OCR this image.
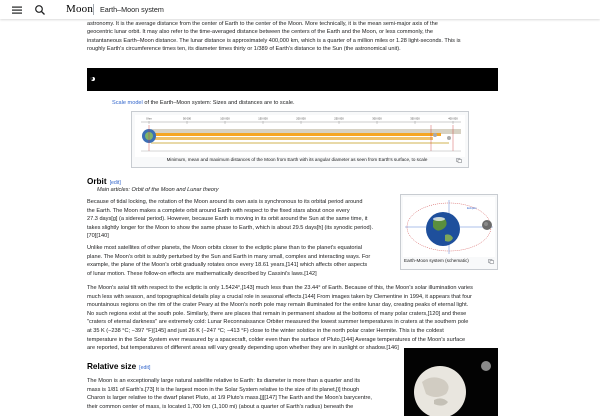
astronomy. It is the average distance from the center of Earth to the center of the Moon. More technically, it is the mean semi-major axis of the
geocentric lunar orbit. It may also refer to the time-averaged distance between the centers of the Earth and the Moon, or less commonly, the
instantaneous Earth–Moon distance. The lunar distance is approximately 400,000 km, which is a quarter of a million miles or 1.28 light-seconds. This is
roughly Earth's circumference times ten, its diameter times thirty or 1/389 of Earth's distance to the Sun (the astronomical unit).
Scale model of the Earth–Moon system: Sizes and distances are to scale.
0 km	50 000	100 000	150 000	200 000	250 000	300 000	350 000	400 000
Minimum, mean and maximum distances of the Moon from Earth with its angular diameter as seen from Earth's surface, to scale
Orbit [edit]
Main articles: Orbit of the Moon and Lunar theory
Because of tidal locking, the rotation of the Moon around its own axis is synchronous to its orbital period around
the Earth. The Moon makes a complete orbit around Earth with respect to the fixed stars about once every
27.3 days[g] (a sidereal period). However, because Earth is moving in its orbit around the Sun at the same time, it
takes slightly longer for the Moon to show the same phase to Earth, which is about 29.5 days[h] (its synodic period).
[70][140]
Unlike most satellites of other planets, the Moon orbits closer to the ecliptic plane than to the planet's equatorial
plane. The Moon's orbit is subtly perturbed by the Sun and Earth in many small, complex and interacting ways. For
example, the plane of the Moon's orbit gradually rotates once every 18.61 years,[141] which affects other aspects
of lunar motion. These follow-on effects are mathematically described by Cassini's laws.[142]
Ecliptic
Earth-Moon system (schematic)
The Moon's axial tilt with respect to the ecliptic is only 1.5424°,[143] much less than the 23.44° of Earth. Because of this, the Moon's solar illumination varies
much less with season, and topographical details play a crucial role in seasonal effects.[144] From images taken by Clementine in 1994, it appears that four
mountainous regions on the rim of the crater Peary at the Moon's north pole may remain illuminated for the entire lunar day, creating peaks of eternal light.
No such regions exist at the south pole. Similarly, there are places that remain in permanent shadow at the bottoms of many polar craters,[120] and these
"craters of eternal darkness" are extremely cold: Lunar Reconnaissance Orbiter measured the lowest summer temperatures in craters at the southern pole
at 35 K (−238 °C; −397 °F)[145] and just 26 K (−247 °C; −413 °F) close to the winter solstice in the north polar crater Hermite. This is the coldest
temperature in the Solar System ever measured by a spacecraft, colder even than the surface of Pluto.[144] Average temperatures of the Moon's surface
are reported, but temperatures of different areas will vary greatly depending upon whether they are in sunlight or shadow.[146]
Relative size [edit]
The Moon is an exceptionally large natural satellite relative to Earth: Its diameter is more than a quarter and its
mass is 1/81 of Earth's.[73] It is the largest moon in the Solar System relative to the size of its planet,[i] though
Charon is larger relative to the dwarf planet Pluto, at 1/9 Pluto's mass.[j][147] The Earth and the Moon's barycentre,
their common center of mass, is located 1,700 km (1,100 mi) (about a quarter of Earth's radius) beneath the
Moon Earth–Moon system
